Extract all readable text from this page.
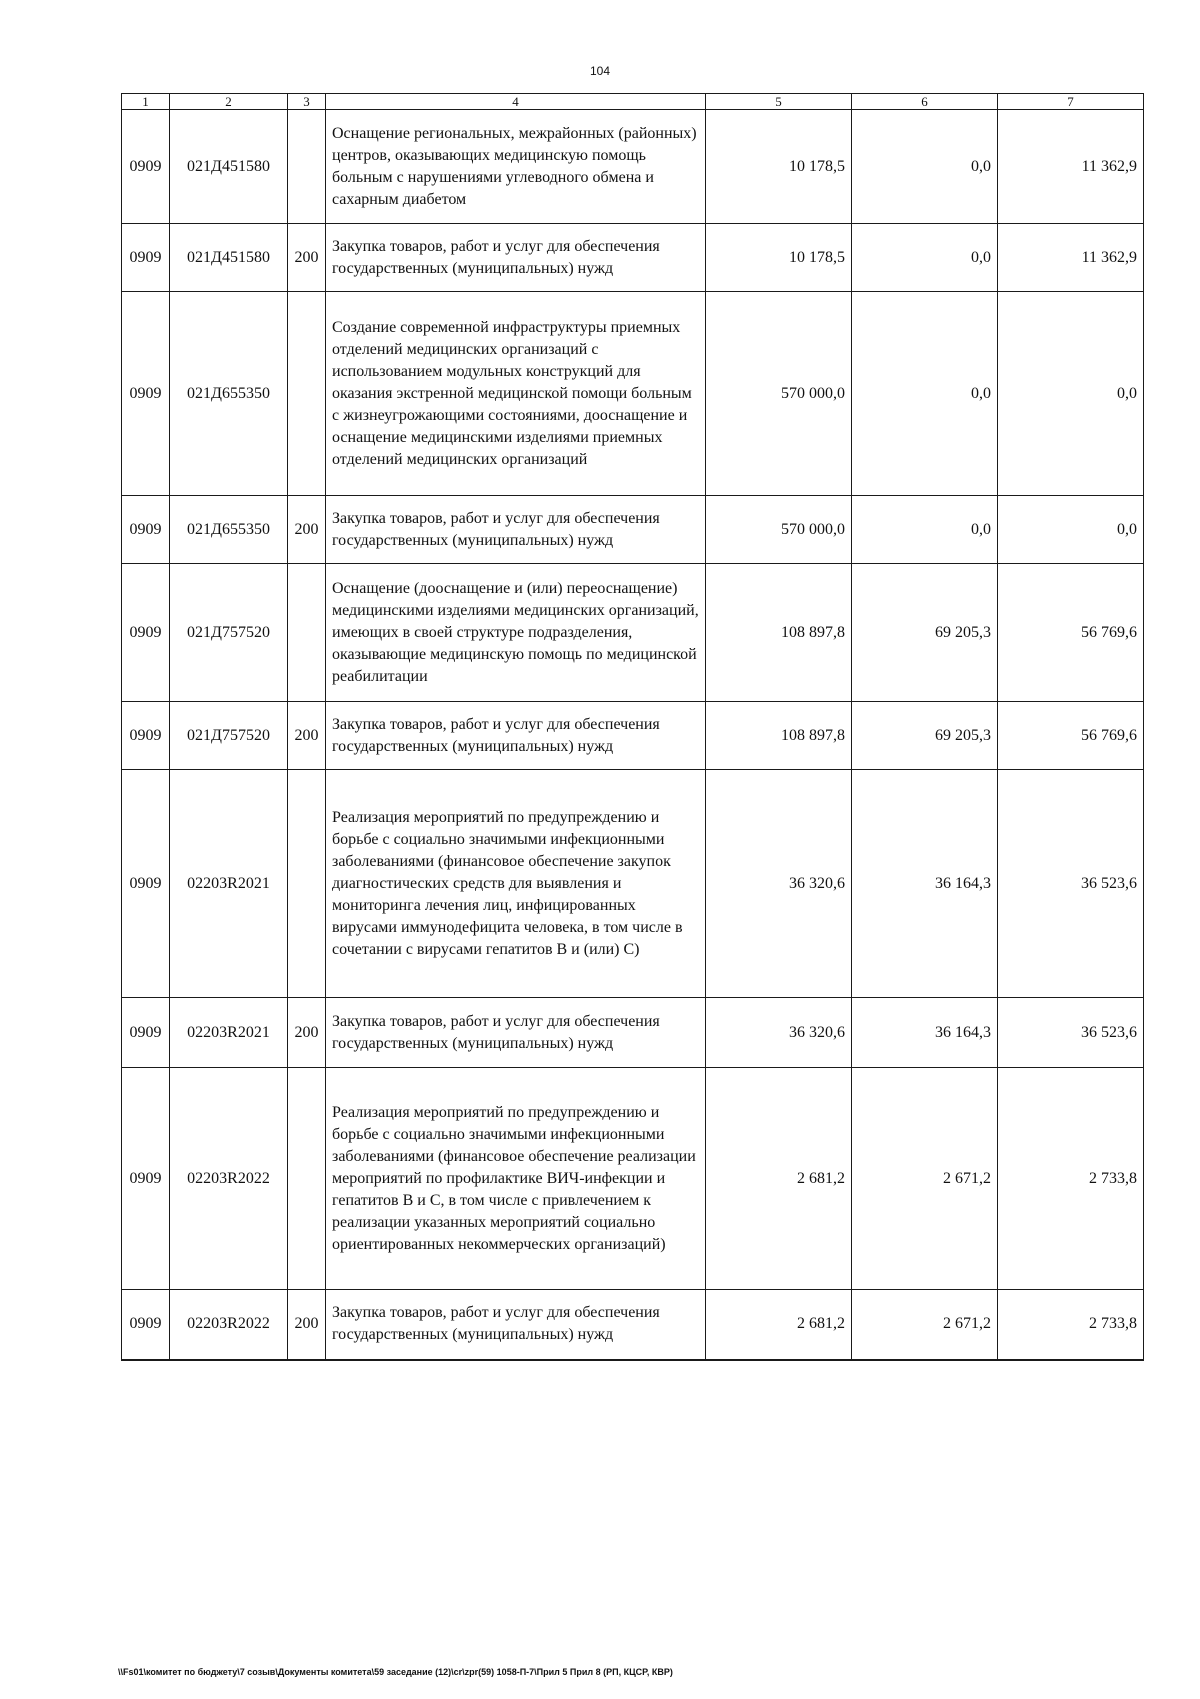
104
1	2	3	4	5	6	7
0909	021Д451580		Оснащение региональных, межрайонных (районных) центров, оказывающих медицинскую помощь больным с нарушениями углеводного обмена и сахарным диабетом	10 178,5	0,0	11 362,9
0909	021Д451580	200	Закупка товаров, работ и услуг для обеспечения государственных (муниципальных) нужд	10 178,5	0,0	11 362,9
0909	021Д655350		Создание современной инфраструктуры приемных отделений медицинских организаций с использованием модульных конструкций для оказания экстренной медицинской помощи больным с жизнеугрожающими состояниями, дооснащение и оснащение медицинскими изделиями приемных отделений медицинских организаций	570 000,0	0,0	0,0
0909	021Д655350	200	Закупка товаров, работ и услуг для обеспечения государственных (муниципальных) нужд	570 000,0	0,0	0,0
0909	021Д757520		Оснащение (дооснащение и (или) переоснащение) медицинскими изделиями медицинских организаций, имеющих в своей структуре подразделения, оказывающие медицинскую помощь по медицинской реабилитации	108 897,8	69 205,3	56 769,6
0909	021Д757520	200	Закупка товаров, работ и услуг для обеспечения государственных (муниципальных) нужд	108 897,8	69 205,3	56 769,6
0909	02203R2021		Реализация мероприятий по предупреждению и борьбе с социально значимыми инфекционными заболеваниями (финансовое обеспечение закупок диагностических средств для выявления и мониторинга лечения лиц, инфицированных вирусами иммунодефицита человека, в том числе в сочетании с вирусами гепатитов В и (или) С)	36 320,6	36 164,3	36 523,6
0909	02203R2021	200	Закупка товаров, работ и услуг для обеспечения государственных (муниципальных) нужд	36 320,6	36 164,3	36 523,6
0909	02203R2022		Реализация мероприятий по предупреждению и борьбе с социально значимыми инфекционными заболеваниями (финансовое обеспечение реализации мероприятий по профилактике ВИЧ-инфекции и гепатитов В и С, в том числе с привлечением к реализации указанных мероприятий социально ориентированных некоммерческих организаций)	2 681,2	2 671,2	2 733,8
0909	02203R2022	200	Закупка товаров, работ и услуг для обеспечения государственных (муниципальных) нужд	2 681,2	2 671,2	2 733,8
\\Fs01\комитет по бюджету\7 созыв\Документы комитета\59 заседание (12)\cr\zpr(59) 1058-П-7\Прил 5 Прил 8 (РП, КЦСР, КВР)
